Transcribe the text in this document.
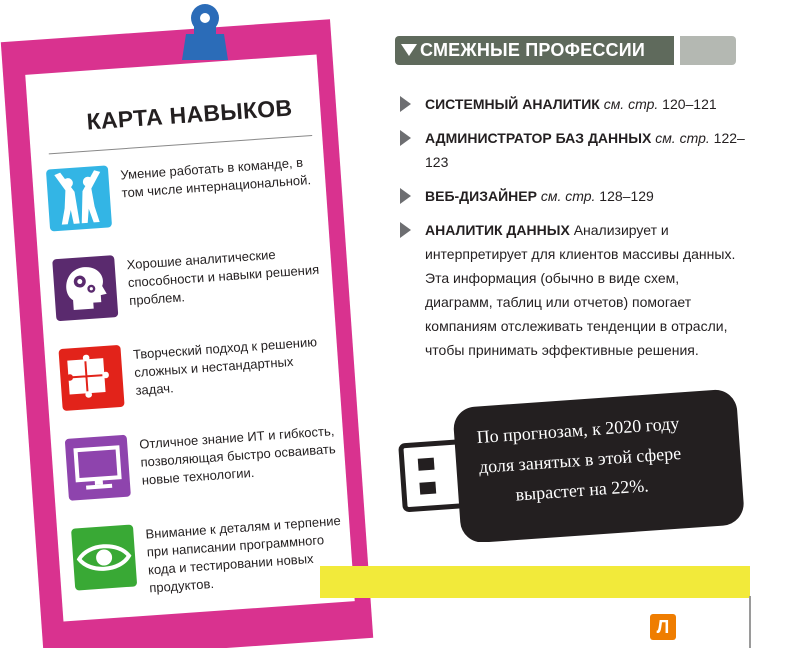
КАРТА НАВЫКОВ
Умение работать в команде, в том числе интернациональной.
Хорошие аналитические способности и навыки решения проблем.
Творческий подход к решению сложных и нестандартных задач.
Отличное знание ИТ и гибкость, позволяющая быстро осваивать новые технологии.
Внимание к деталям и терпение при написании программного кода и тестировании новых продуктов.
СМЕЖНЫЕ ПРОФЕССИИ
СИСТЕМНЫЙ АНАЛИТИК см. стр. 120–121
АДМИНИСТРАТОР БАЗ ДАННЫХ см. стр. 122–123
ВЕБ-ДИЗАЙНЕР см. стр. 128–129
АНАЛИТИК ДАННЫХ Анализирует и интерпретирует для клиентов массивы данных. Эта информация (обычно в виде схем, диаграмм, таблиц или отчетов) помогает компаниям отслеживать тенденции в отрасли, чтобы принимать эффективные решения.
По прогнозам, к 2020 году доля занятых в этой сфере вырастет на 22%.
Л
